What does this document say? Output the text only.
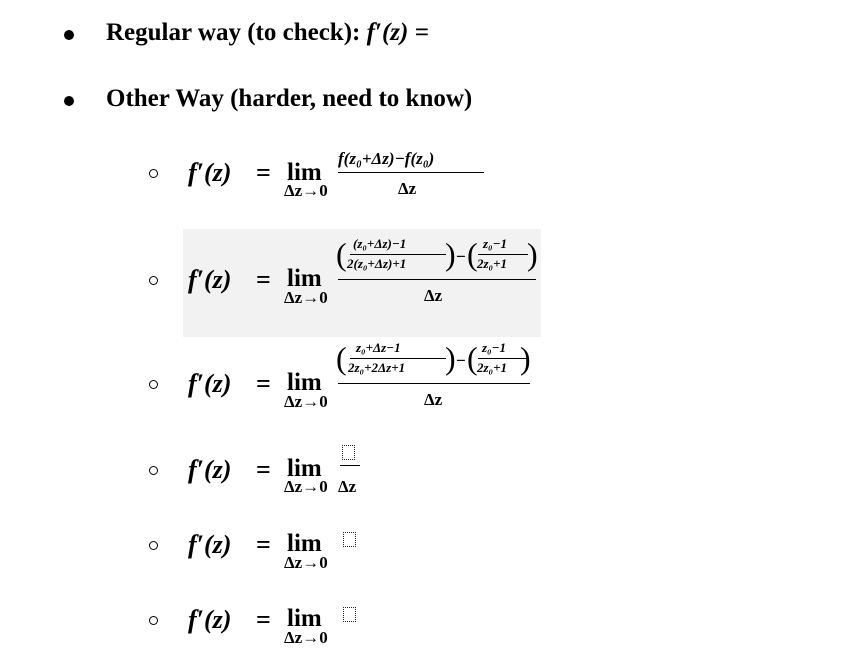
Regular way (to check): f′(z) =
Other Way (harder, need to know)
f′(z) = lim
Δz→0
f(z₀+Δz)−f(z₀)
Δz
f′(z) = lim
Δz→0
( (z₀+Δz)−1
2(z₀+Δz)+1 ) − ( z₀−1
2z₀+1 )
Δz
f′(z) = lim
Δz→0
( z₀+Δz−1
2z₀+2Δz+1 ) − ( z₀−1
2z₀+1 )
Δz
f′(z) = lim
Δz→0 Δz
f′(z) = lim
Δz→0
f′(z) = lim
Δz→0
